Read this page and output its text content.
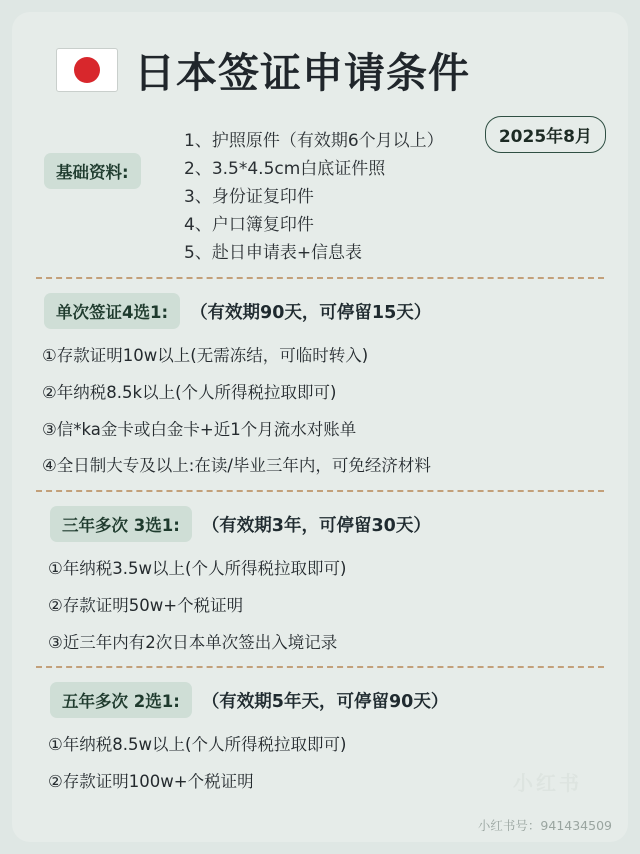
日本签证申请条件
2025年8月
基础资料:
1、护照原件（有效期6个月以上）
2、3.5*4.5cm白底证件照
3、身份证复印件
4、户口簿复印件
5、赴日申请表+信息表
单次签证4选1:	（有效期90天，可停留15天）
①存款证明10w以上(无需冻结，可临时转入)
②年纳税8.5k以上(个人所得税拉取即可)
③信*ka金卡或白金卡+近1个月流水对账单
④全日制大专及以上:在读/毕业三年内，可免经济材料
三年多次 3选1:	（有效期3年，可停留30天）
①年纳税3.5w以上(个人所得税拉取即可)
②存款证明50w+个税证明
③近三年内有2次日本单次签出入境记录
五年多次 2选1:	（有效期5年天，可停留90天）
①年纳税8.5w以上(个人所得税拉取即可)
②存款证明100w+个税证明	小红书
小红书号：941434509
